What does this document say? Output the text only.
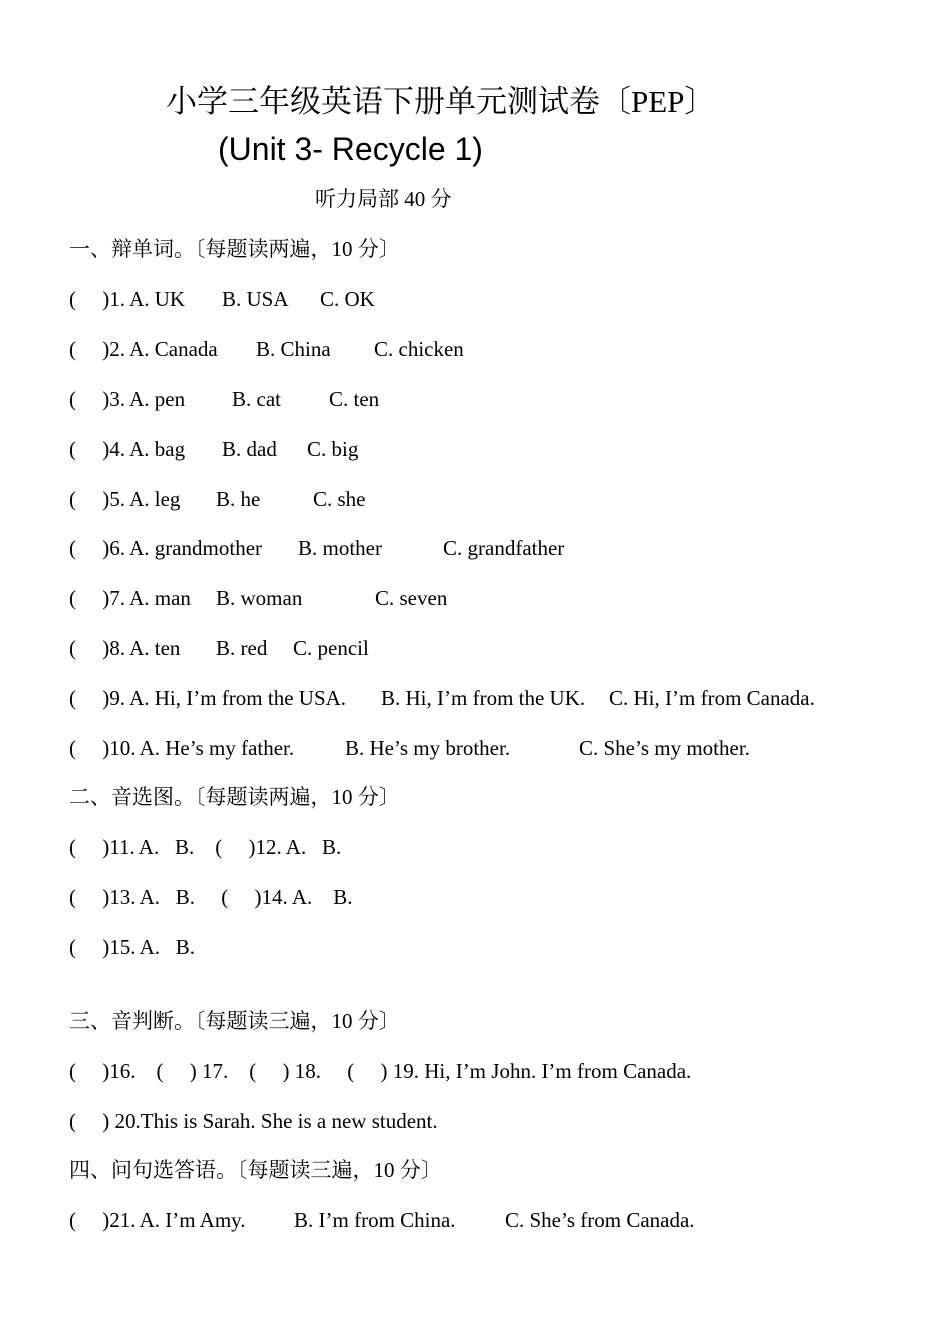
小学三年级英语下册单元测试卷〔PEP〕
(Unit 3- Recycle 1)
听力局部 40 分
一、辩单词。〔每题读两遍，10 分〕
(     )1. A. UK B. USA C. OK
(     )2. A. Canada B. China C. chicken
(     )3. A. pen B. cat C. ten
(     )4. A. bag B. dad C. big
(     )5. A. leg B. he	C. she
(     )6. A. grandmother B. mother	C. grandfather
(     )7. A. man B. woman	C. seven
(     )8. A. ten B. red C. pencil
(     )9. A. Hi, I’m from the USA. B. Hi, I’m from the UK. C. Hi, I’m from Canada.
(     )10. A. He’s my father. B. He’s my brother.	C. She’s my mother.
二、音选图。〔每题读两遍，10 分〕
(     )11. A.   B.    (     )12. A.   B.
(     )13. A.   B.     (     )14. A.    B.
(     )15. A.   B.
三、音判断。〔每题读三遍，10 分〕
(     )16.    (     ) 17.    (     ) 18.     (     ) 19. Hi, I’m John. I’m from Canada.
(     ) 20.This is Sarah. She is a new student.
四、问句选答语。〔每题读三遍，10 分〕
(     )21. A. I’m Amy. B. I’m from China. C. She’s from Canada.
